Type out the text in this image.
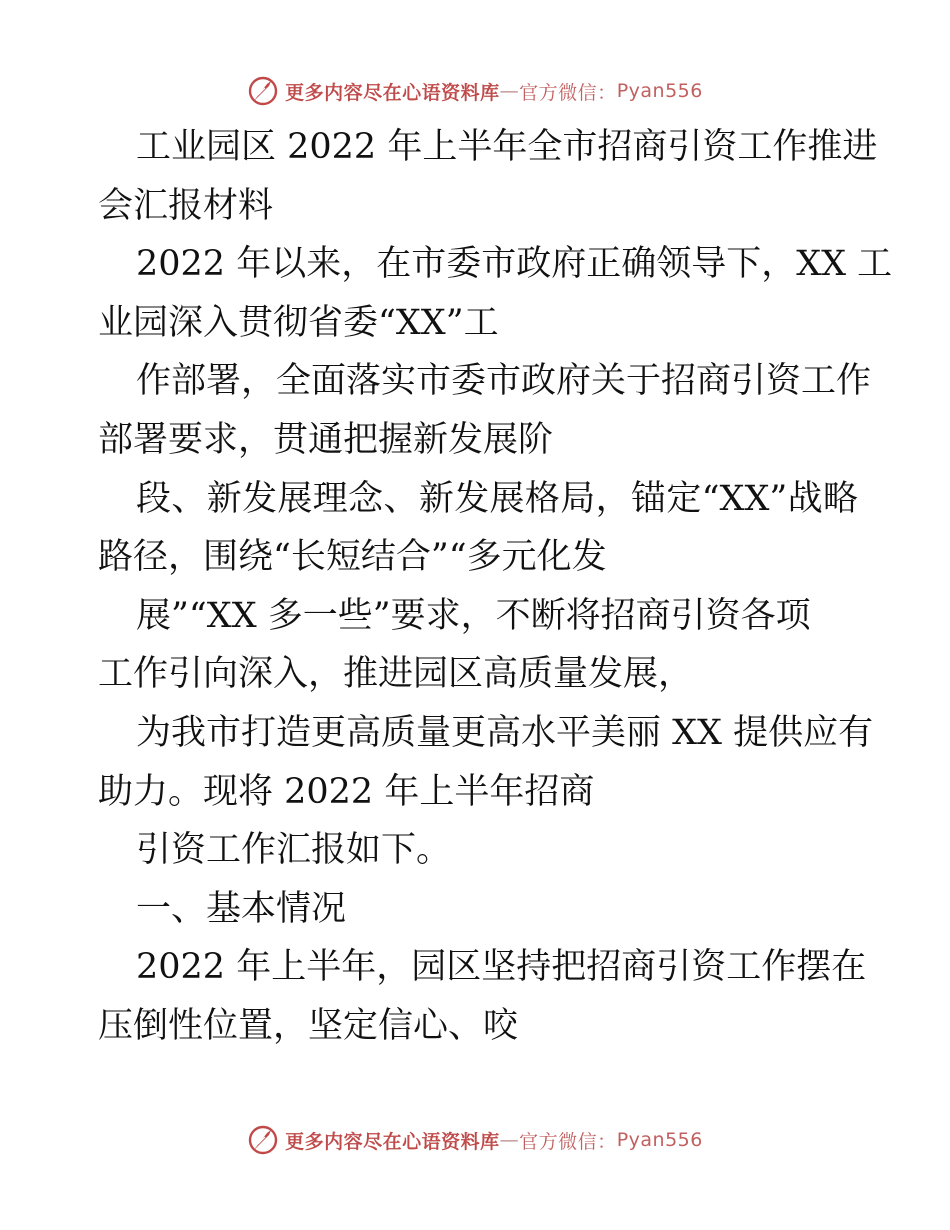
更多内容尽在心语资料库 — 官方微信： Pyan556
工业园区 2022 年上半年全市招商引资工作推进
会汇报材料
2022 年以来，在市委市政府正确领导下，XX 工
业园深入贯彻省委“XX”工
作部署，全面落实市委市政府关于招商引资工作
部署要求，贯通把握新发展阶
段、新发展理念、新发展格局，锚定“XX”战略
路径，围绕“长短结合”“多元化发
展”“XX 多一些”要求，不断将招商引资各项
工作引向深入，推进园区高质量发展，
为我市打造更高质量更高水平美丽 XX 提供应有
助力。现将 2022 年上半年招商
引资工作汇报如下。
一、基本情况
2022 年上半年，园区坚持把招商引资工作摆在
压倒性位置，坚定信心、咬
更多内容尽在心语资料库 — 官方微信： Pyan556
